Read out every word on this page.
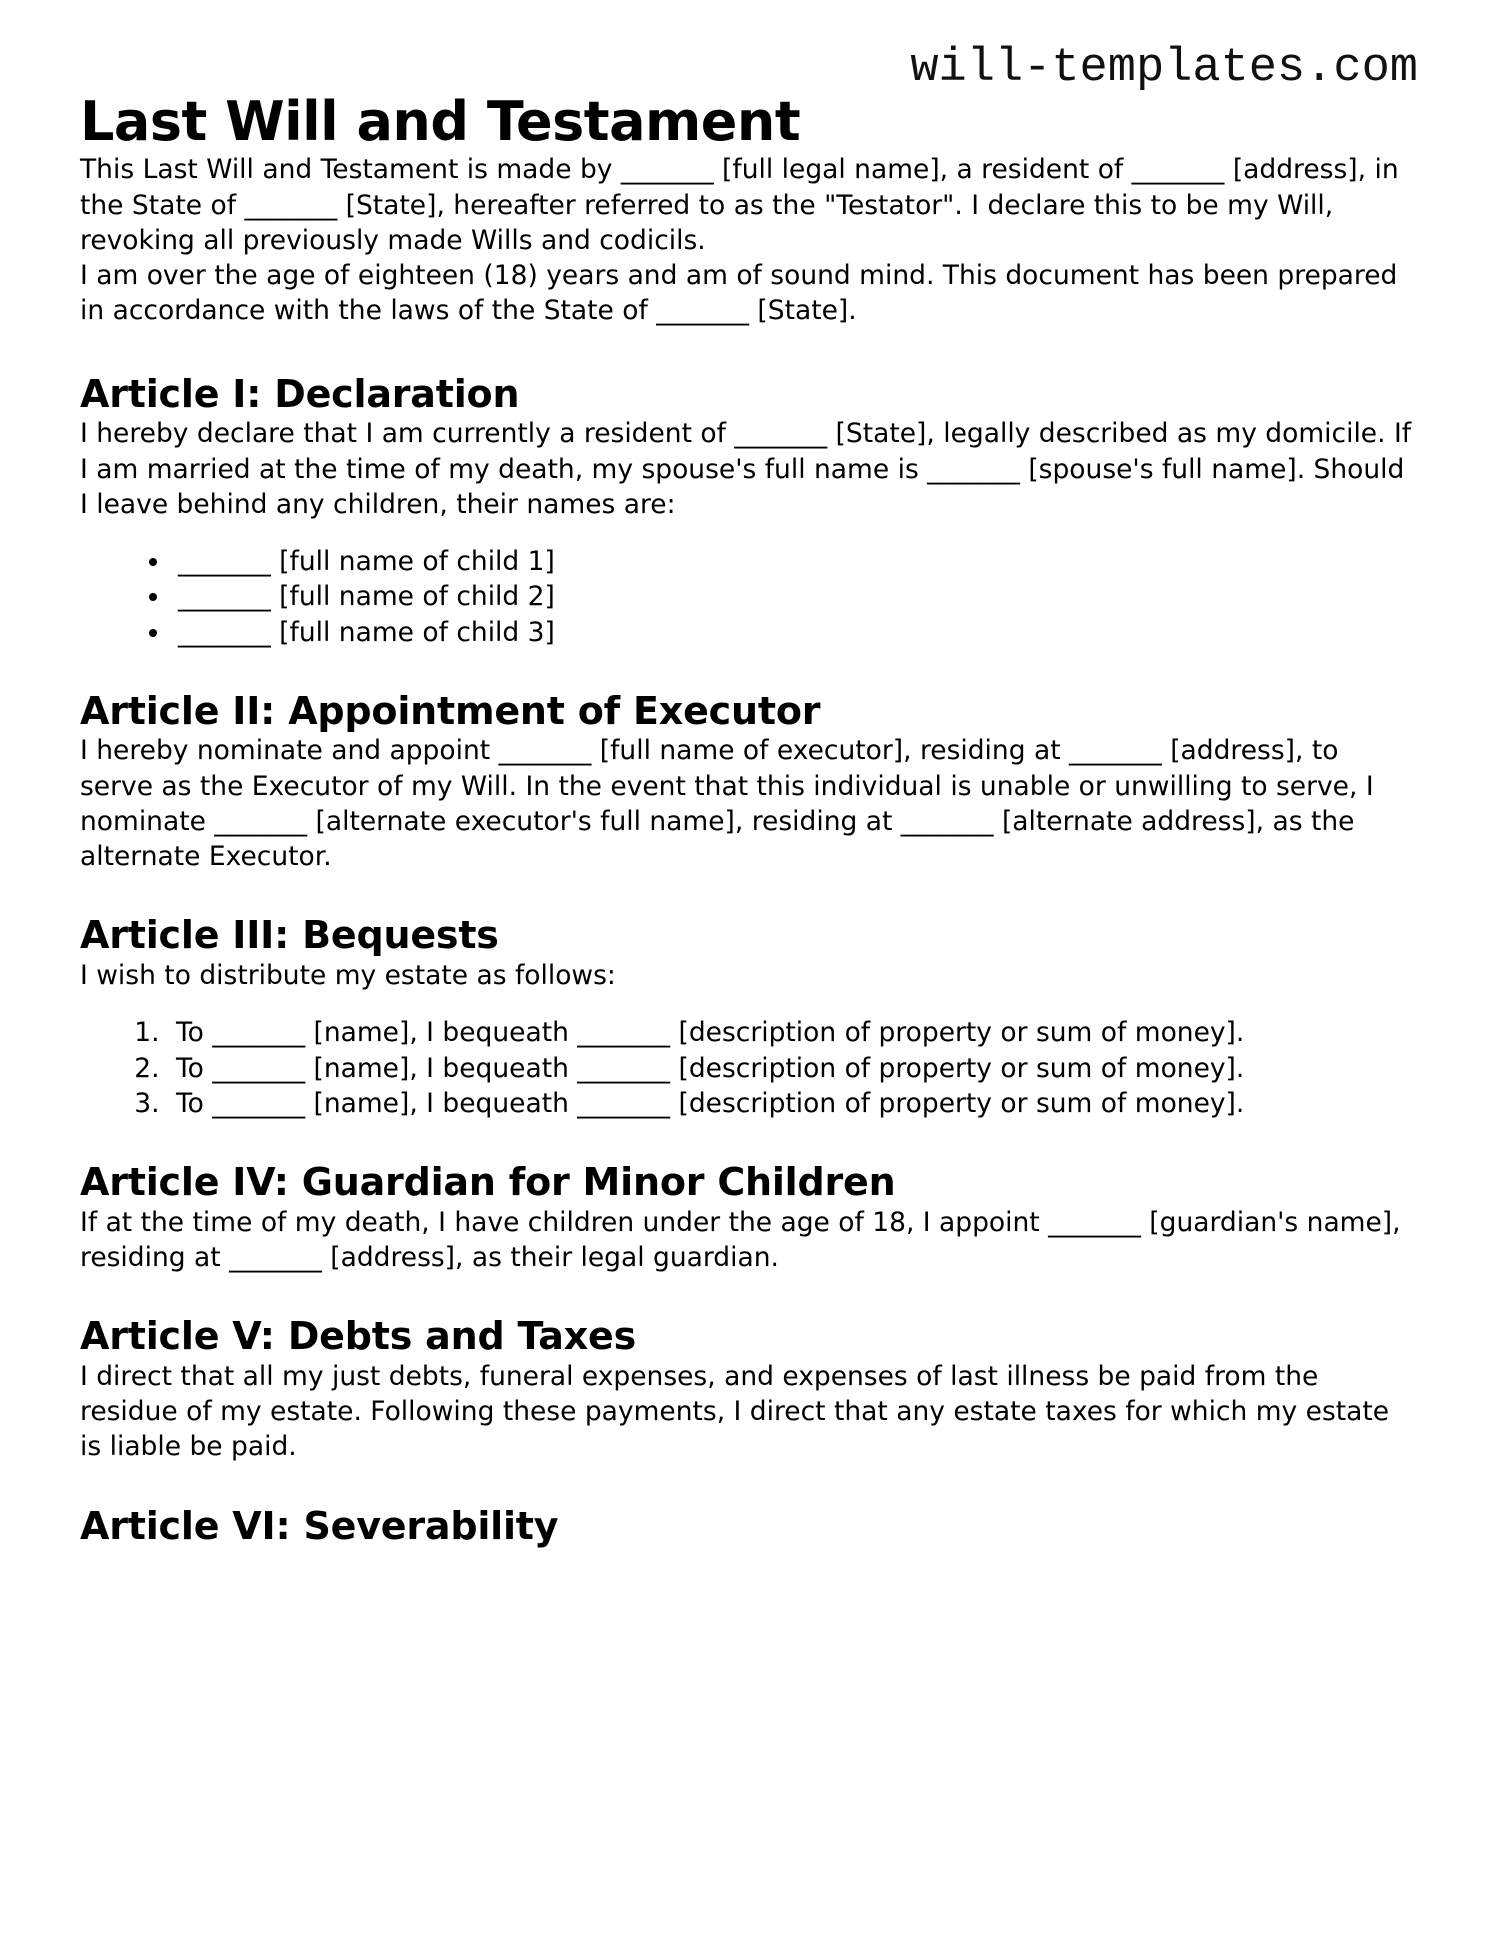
will-templates.com
Last Will and Testament

This Last Will and Testament is made by _______ [full legal name], a resident of _______ [address], in the State of _______ [State], hereafter referred to as the "Testator". I declare this to be my Will, revoking all previously made Wills and codicils.

I am over the age of eighteen (18) years and am of sound mind. This document has been prepared in accordance with the laws of the State of _______ [State].

Article I: Declaration

I hereby declare that I am currently a resident of _______ [State], legally described as my domicile. If I am married at the time of my death, my spouse's full name is _______ [spouse's full name]. Should I leave behind any children, their names are:

• _______ [full name of child 1]
• _______ [full name of child 2]
• _______ [full name of child 3]
Article II: Appointment of Executor

I hereby nominate and appoint _______ [full name of executor], residing at _______ [address], to serve as the Executor of my Will. In the event that this individual is unable or unwilling to serve, I nominate _______ [alternate executor's full name], residing at _______ [alternate address], as the alternate Executor.

Article III: Bequests

I wish to distribute my estate as follows:

1. To _______ [name], I bequeath _______ [description of property or sum of money].
2. To _______ [name], I bequeath _______ [description of property or sum of money].
3. To _______ [name], I bequeath _______ [description of property or sum of money].
Article IV: Guardian for Minor Children

If at the time of my death, I have children under the age of 18, I appoint _______ [guardian's name], residing at _______ [address], as their legal guardian.

Article V: Debts and Taxes

I direct that all my just debts, funeral expenses, and expenses of last illness be paid from the residue of my estate. Following these payments, I direct that any estate taxes for which my estate is liable be paid.

Article VI: Severability
